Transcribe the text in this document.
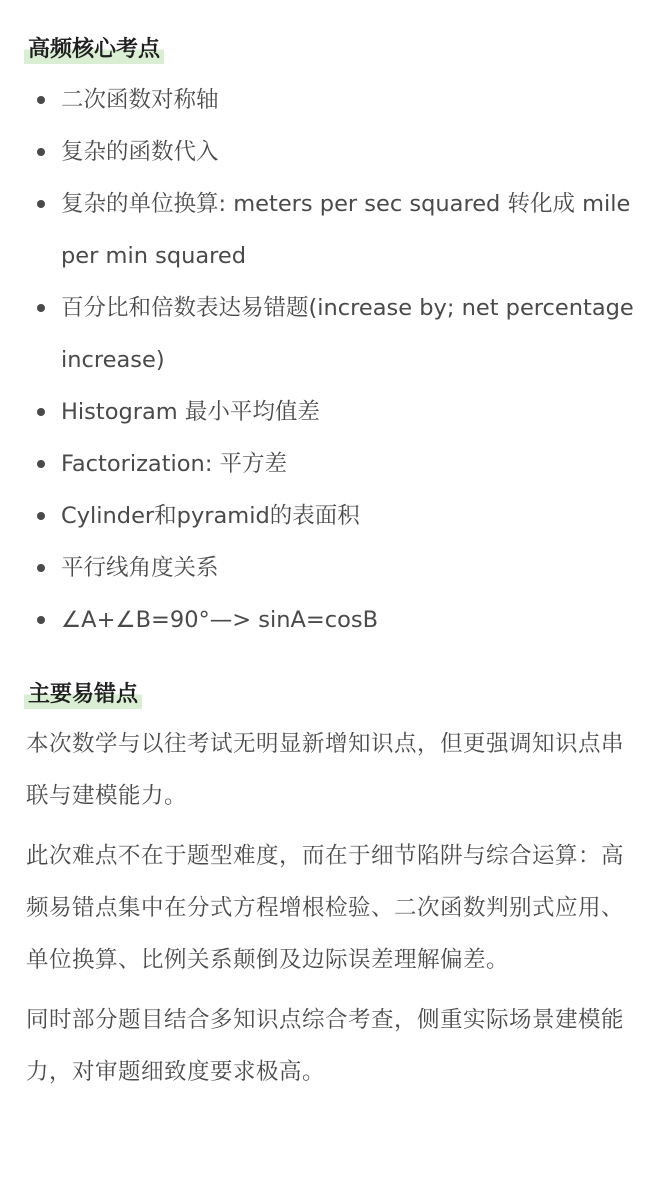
高频核心考点
二次函数对称轴
复杂的函数代入
复杂的单位换算: meters per sec squared 转化成 mile per min squared
百分比和倍数表达易错题(increase by; net percentage increase)
Histogram 最小平均值差
Factorization: 平方差
Cylinder和pyramid的表面积
平行线角度关系
∠A+∠B=90°—> sinA=cosB
主要易错点

本次数学与以往考试无明显新增知识点，但更强调知识点串联与建模能力。

此次难点不在于题型难度，而在于细节陷阱与综合运算：高频易错点集中在分式方程增根检验、二次函数判别式应用、单位换算、比例关系颠倒及边际误差理解偏差。

同时部分题目结合多知识点综合考查，侧重实际场景建模能力，对审题细致度要求极高。
